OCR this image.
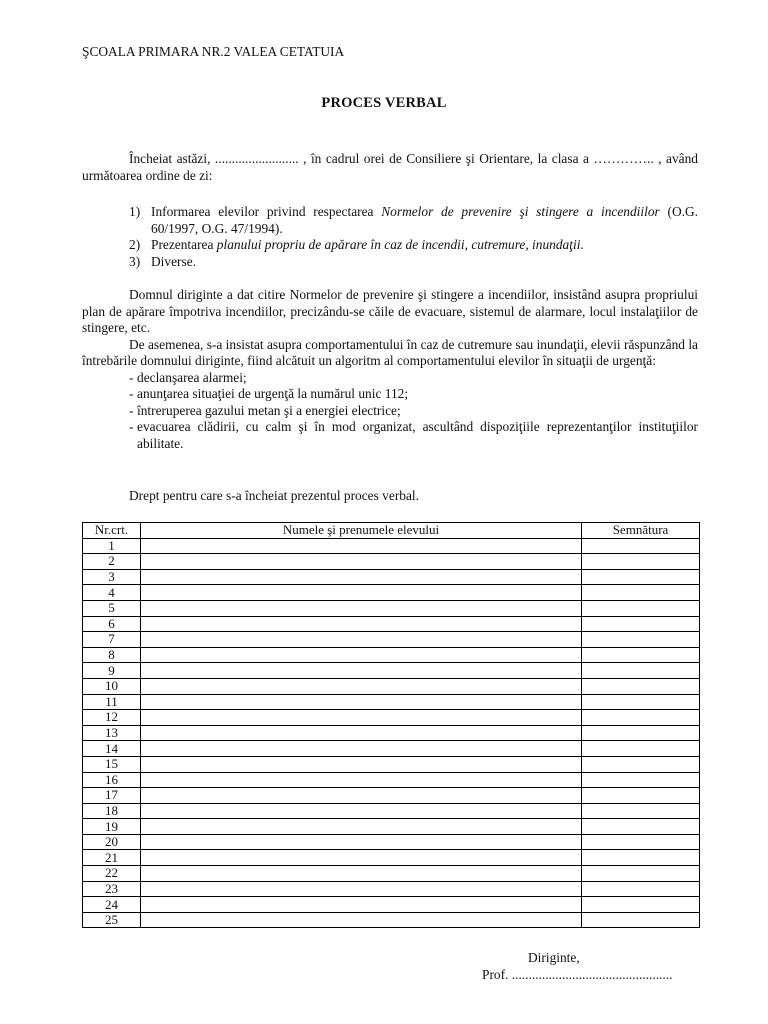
ŞCOALA PRIMARA NR.2 VALEA CETATUIA
PROCES VERBAL
Încheiat astăzi, ......................... , în cadrul orei de Consiliere şi Orientare, la clasa a ………….. , având următoarea ordine de zi:
1) Informarea elevilor privind respectarea Normelor de prevenire şi stingere a incendiilor (O.G. 60/1997, O.G. 47/1994).
2) Prezentarea planului propriu de apărare în caz de incendii, cutremure, inundaţii.
3) Diverse.

Domnul diriginte a dat citire Normelor de prevenire şi stingere a incendiilor, insistând asupra propriului plan de apărare împotriva incendiilor, precizându-se căile de evacuare, sistemul de alarmare, locul instalaţiilor de stingere, etc.

De asemenea, s-a insistat asupra comportamentului în caz de cutremure sau inundaţii, elevii răspunzând la întrebările domnului diriginte, fiind alcătuit un algoritm al comportamentului elevilor în situaţii de urgenţă:

- declanşarea alarmei;
- anunţarea situaţiei de urgenţă la numărul unic 112;
- întreruperea gazului metan şi a energiei electrice;
- evacuarea clădirii, cu calm şi în mod organizat, ascultând dispoziţiile reprezentanţilor instituţiilor abilitate.
Drept pentru care s-a încheiat prezentul proces verbal.
Nr.crt.	Numele şi prenumele elevului	Semnătura
1		
2		
3		
4		
5		
6		
7		
8		
9		
10		
11		
12		
13		
14		
15		
16		
17		
18		
19		
20		
21		
22		
23		
24		
25		
Diriginte,
Prof. ................................................
